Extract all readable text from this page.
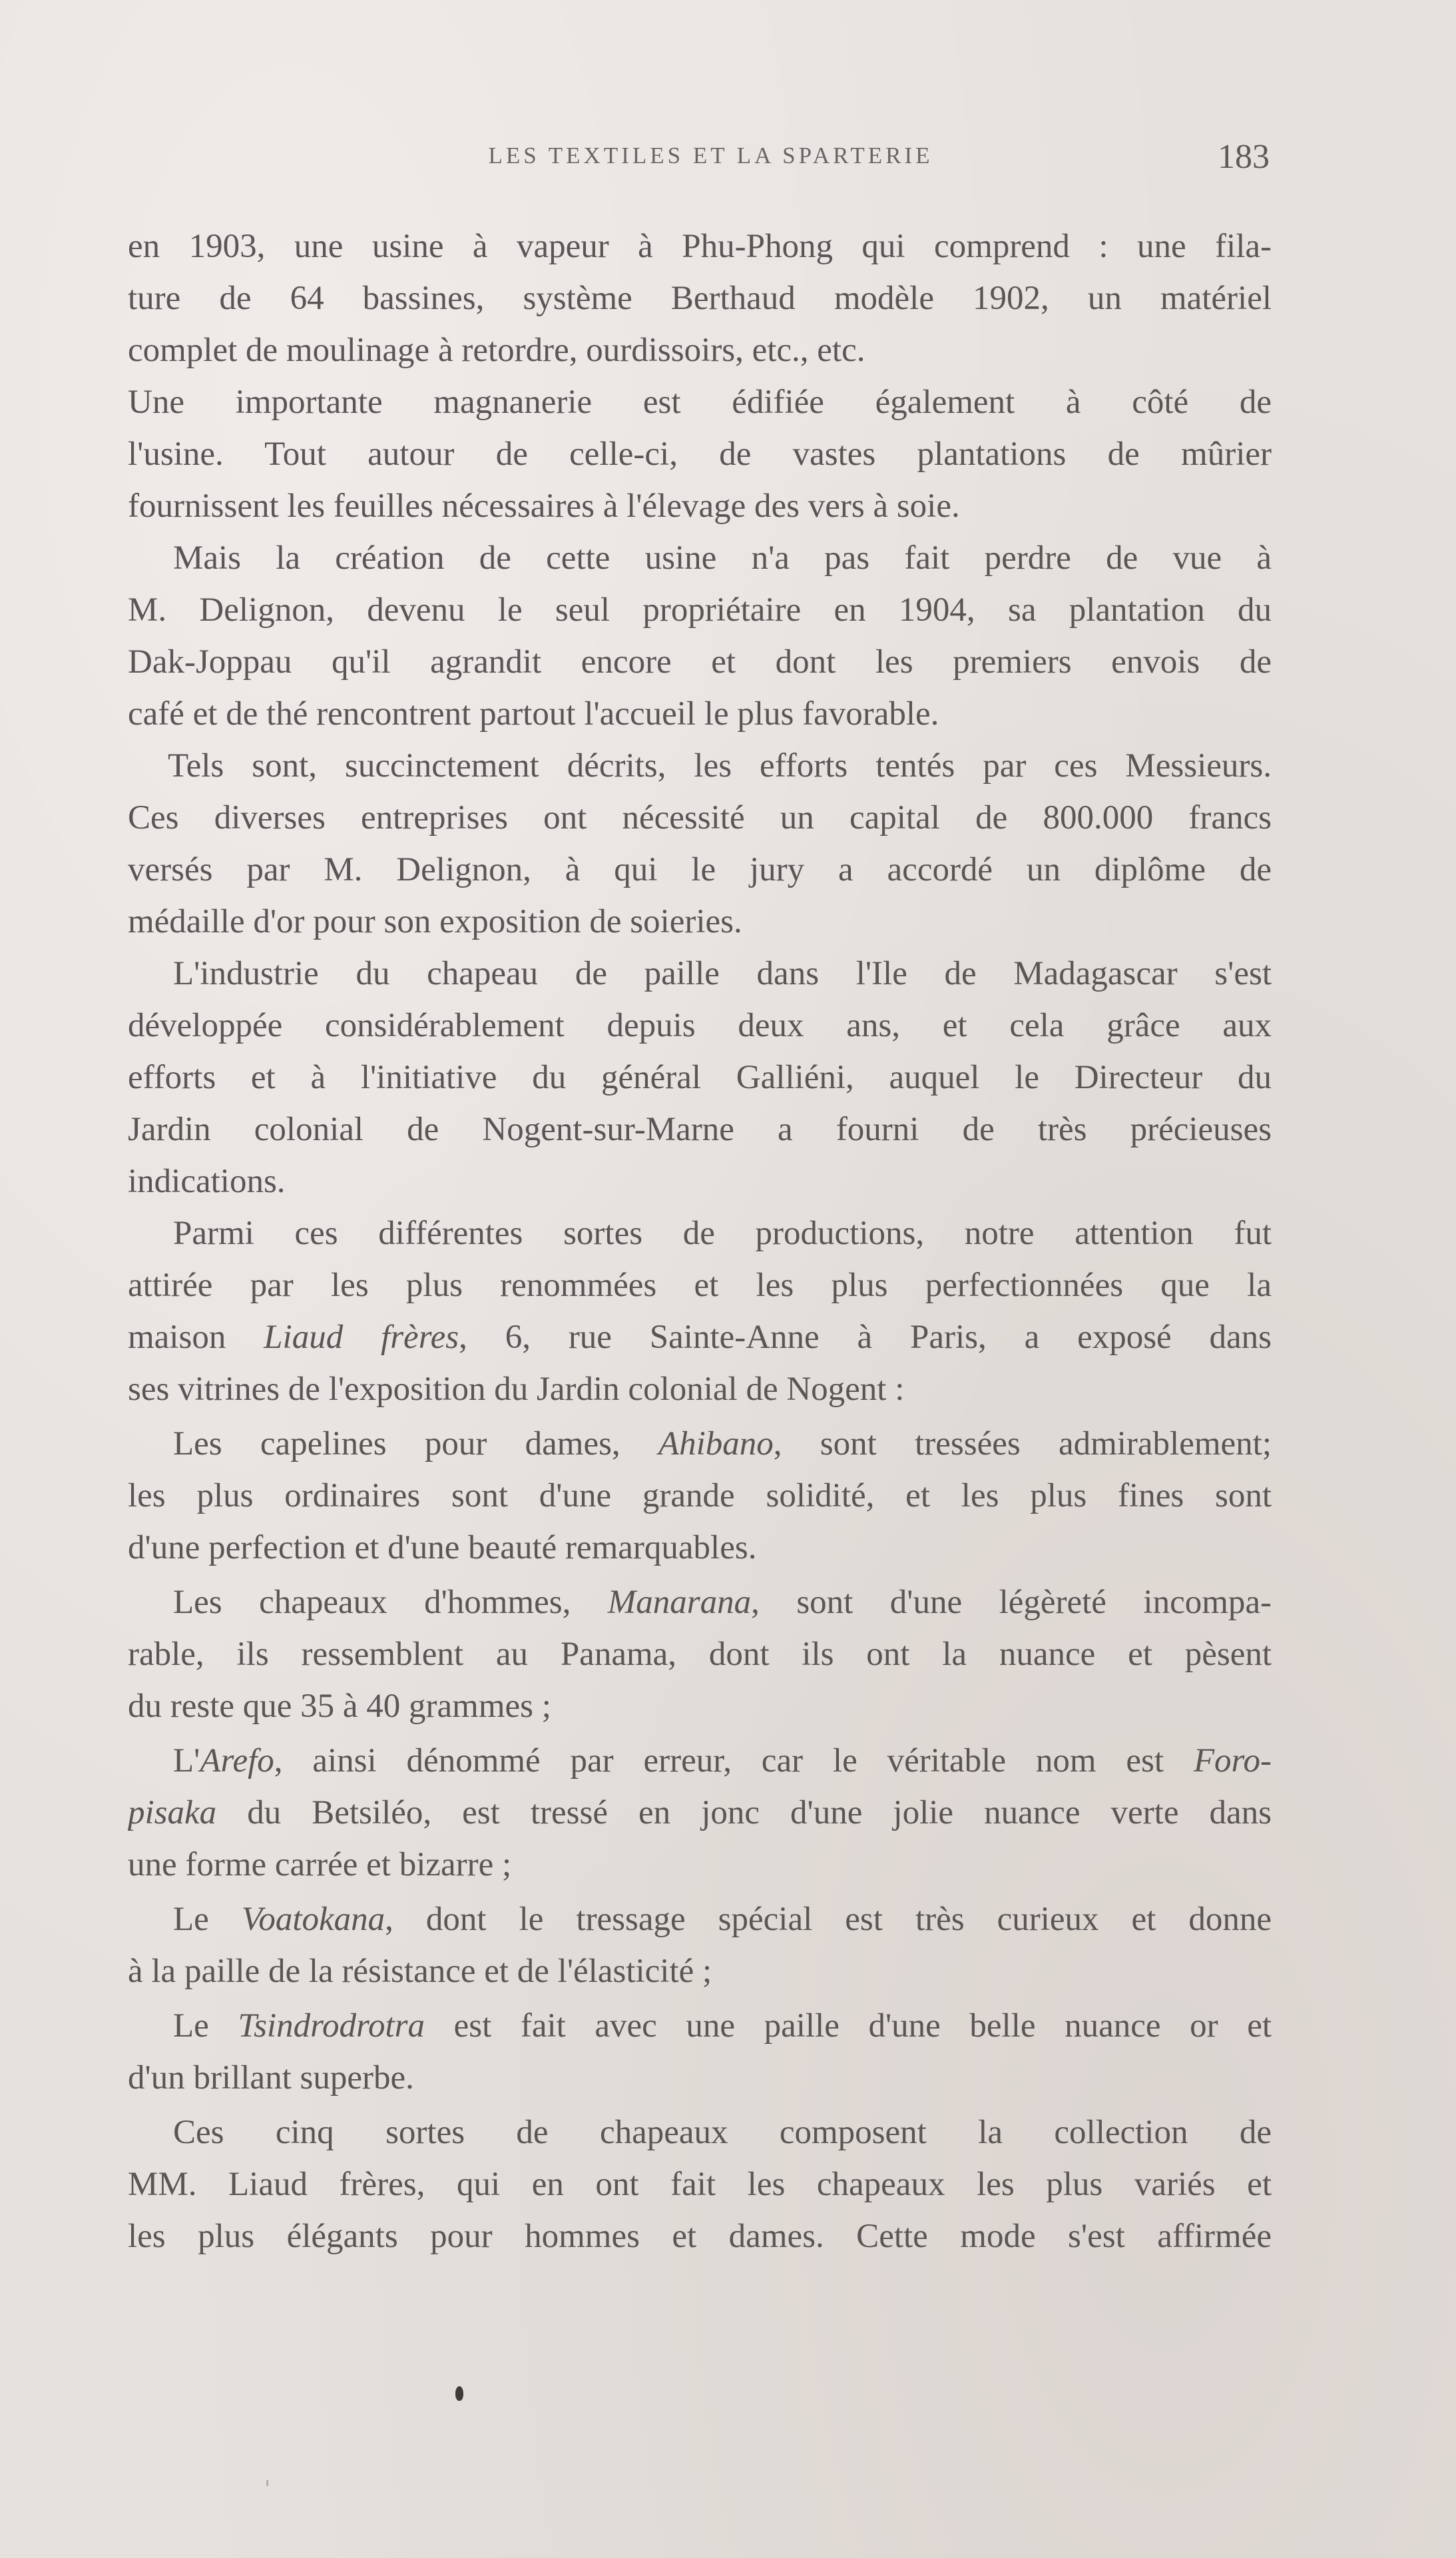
LES TEXTILES ET LA SPARTERIE	183
en 1903, une usine à vapeur à Phu-Phong qui comprend : une fila-
ture de 64 bassines, système Berthaud modèle 1902, un matériel
complet de moulinage à retordre, ourdissoirs, etc., etc.
Une importante magnanerie est édifiée également à côté de
l'usine. Tout autour de celle-ci, de vastes plantations de mûrier
fournissent les feuilles nécessaires à l'élevage des vers à soie.
Mais la création de cette usine n'a pas fait perdre de vue à
M. Delignon, devenu le seul propriétaire en 1904, sa plantation du
Dak-Joppau qu'il agrandit encore et dont les premiers envois de
café et de thé rencontrent partout l'accueil le plus favorable.
Tels sont, succinctement décrits, les efforts tentés par ces Messieurs.
Ces diverses entreprises ont nécessité un capital de 800.000 francs
versés par M. Delignon, à qui le jury a accordé un diplôme de
médaille d'or pour son exposition de soieries.
L'industrie du chapeau de paille dans l'Ile de Madagascar s'est
développée considérablement depuis deux ans, et cela grâce aux
efforts et à l'initiative du général Galliéni, auquel le Directeur du
Jardin colonial de Nogent-sur-Marne a fourni de très précieuses
indications.
Parmi ces différentes sortes de productions, notre attention fut
attirée par les plus renommées et les plus perfectionnées que la
maison Liaud frères, 6, rue Sainte-Anne à Paris, a exposé dans
ses vitrines de l'exposition du Jardin colonial de Nogent :
Les capelines pour dames, Ahibano, sont tressées admirablement;
les plus ordinaires sont d'une grande solidité, et les plus fines sont
d'une perfection et d'une beauté remarquables.
Les chapeaux d'hommes, Manarana, sont d'une légèreté incompa-
rable, ils ressemblent au Panama, dont ils ont la nuance et pèsent
du reste que 35 à 40 grammes ;
L'Arefo, ainsi dénommé par erreur, car le véritable nom est Foro-
pisaka du Betsiléo, est tressé en jonc d'une jolie nuance verte dans
une forme carrée et bizarre ;
Le Voatokana, dont le tressage spécial est très curieux et donne
à la paille de la résistance et de l'élasticité ;
Le Tsindrodrotra est fait avec une paille d'une belle nuance or et
d'un brillant superbe.
Ces cinq sortes de chapeaux composent la collection de
MM. Liaud frères, qui en ont fait les chapeaux les plus variés et
les plus élégants pour hommes et dames. Cette mode s'est affirmée
